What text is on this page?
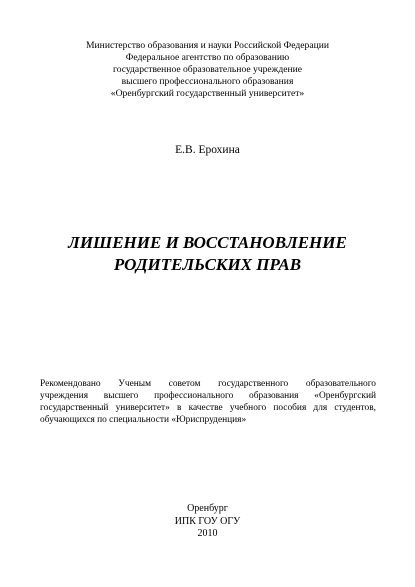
Министерство образования и науки Российской Федерации
Федеральное агентство по образованию
государственное образовательное учреждение
высшего профессионального образования
«Оренбургский государственный университет»
Е.В. Ерохина
ЛИШЕНИЕ И ВОССТАНОВЛЕНИЕ
РОДИТЕЛЬСКИХ ПРАВ
Рекомендовано Ученым советом государственного образовательного
учреждения высшего профессионального образования «Оренбургский
государственный университет» в качестве учебного пособия для студентов,
обучающихся по специальности «Юриспруденция»
Оренбург
ИПК ГОУ ОГУ
2010
